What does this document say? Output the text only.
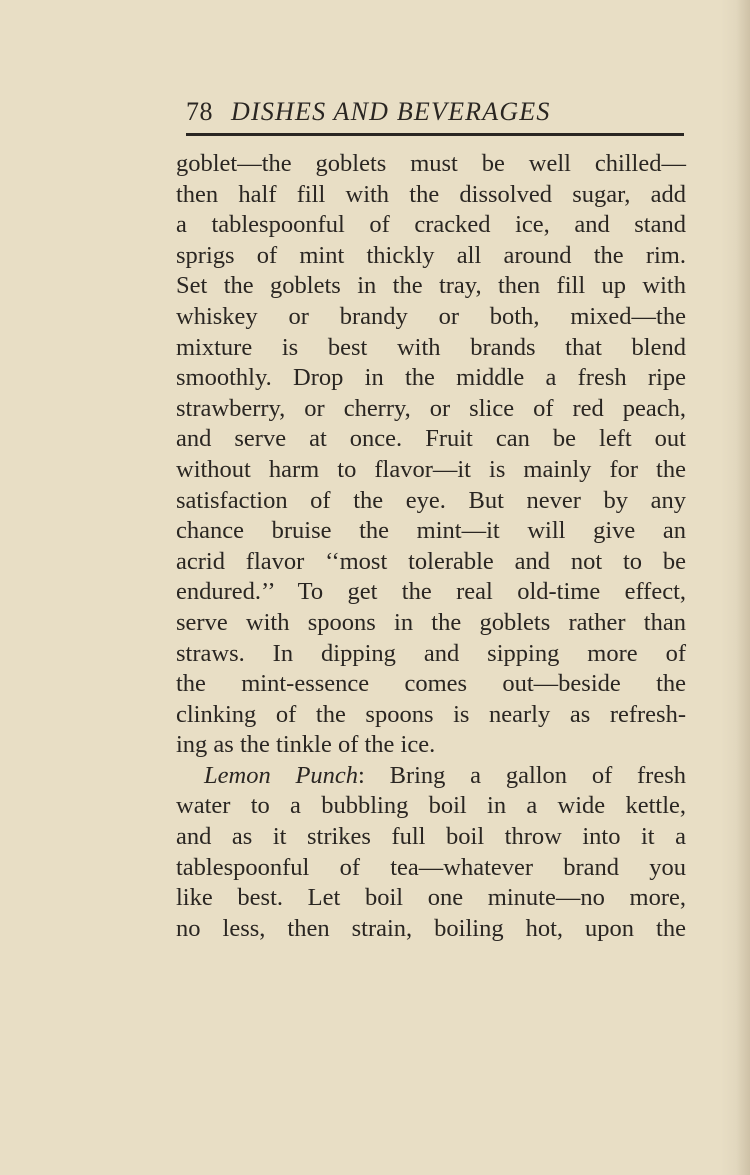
78 DISHES AND BEVERAGES
goblet—the goblets must be well chilled—
then half fill with the dissolved sugar, add
a tablespoonful of cracked ice, and stand
sprigs of mint thickly all around the rim.
Set the goblets in the tray, then fill up with
whiskey or brandy or both, mixed—the
mixture is best with brands that blend
smoothly. Drop in the middle a fresh ripe
strawberry, or cherry, or slice of red peach,
and serve at once. Fruit can be left out
without harm to flavor—it is mainly for the
satisfaction of the eye. But never by any
chance bruise the mint—it will give an
acrid flavor ‘‘most tolerable and not to be
endured.’’ To get the real old-time effect,
serve with spoons in the goblets rather than
straws. In dipping and sipping more of
the mint-essence comes out—beside the
clinking of the spoons is nearly as refresh-
ing as the tinkle of the ice.
Lemon Punch: Bring a gallon of fresh
water to a bubbling boil in a wide kettle,
and as it strikes full boil throw into it a
tablespoonful of tea—whatever brand you
like best. Let boil one minute—no more,
no less, then strain, boiling hot, upon the
